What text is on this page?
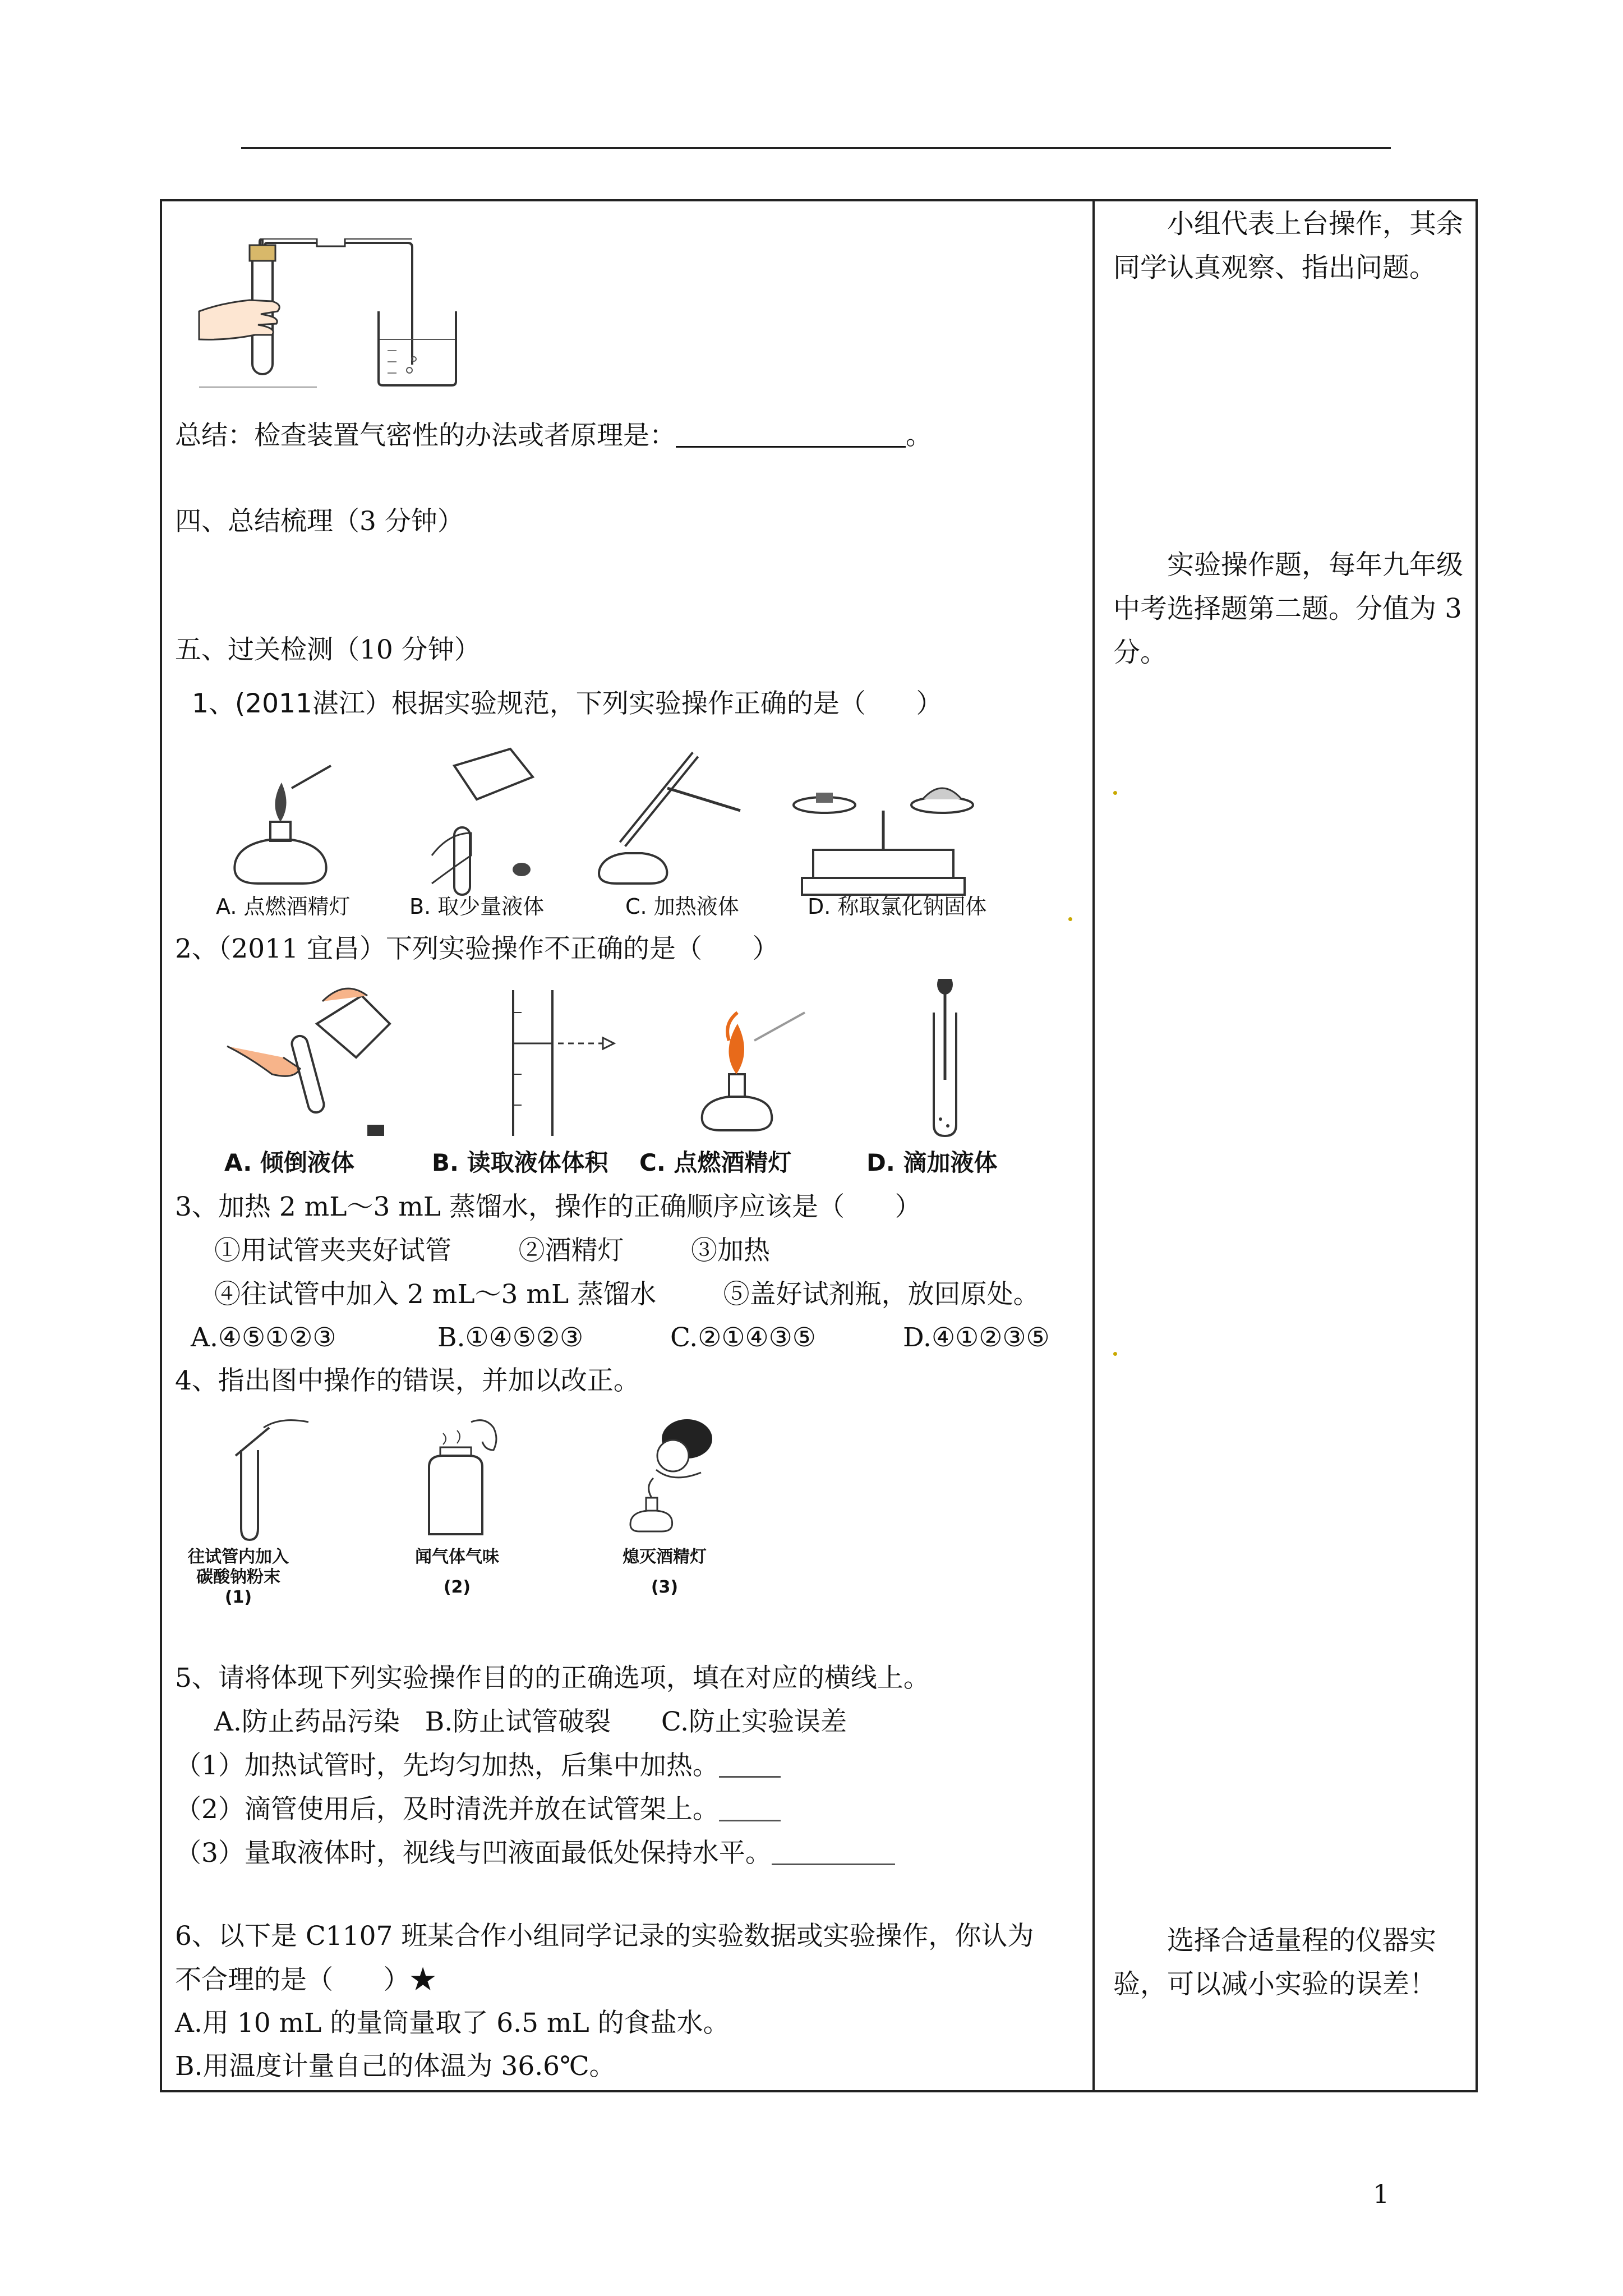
总结：检查装置气密性的办法或者原理是：	。
四、总结梳理（3 分钟）
五、过关检测（10 分钟）
1、(2011湛江）根据实验规范，下列实验操作正确的是（      ）
A. 点燃酒精灯	B. 取少量液体	C. 加热液体	D. 称取氯化钠固体
2、（2011 宜昌）下列实验操作不正确的是（      ）
A. 倾倒液体	B. 读取液体体积 C. 点燃酒精灯	D. 滴加液体
3、加热 2 mL～3 mL 蒸馏水，操作的正确顺序应该是（      ）
①用试管夹夹好试管        ②酒精灯        ③加热
④往试管中加入 2 mL～3 mL 蒸馏水        ⑤盖好试剂瓶，放回原处。
A.④⑤①②③	B.①④⑤②③	C.②①④③⑤	D.④①②③⑤
4、指出图中操作的错误，并加以改正。
往试管内加入
碳酸钠粉末
(1)
闻气体气味
(2)
熄灭酒精灯
(3)
5、请将体现下列实验操作目的的正确选项，填在对应的横线上。
A.防止药品污染   B.防止试管破裂      C.防止实验误差
（1）加热试管时，先均匀加热，后集中加热。
（2）滴管使用后，及时清洗并放在试管架上。
（3）量取液体时，视线与凹液面最低处保持水平。
6、以下是 C1107 班某合作小组同学记录的实验数据或实验操作，你认为
不合理的是（      ）★
A.用 10 mL 的量筒量取了 6.5 mL 的食盐水。
B.用温度计量自己的体温为 36.6℃。
小组代表上台操作，其余同学认真观察、指出问题。
实验操作题，每年九年级中考选择题第二题。分值为 3 分。
选择合适量程的仪器实验，可以减小实验的误差！
1
